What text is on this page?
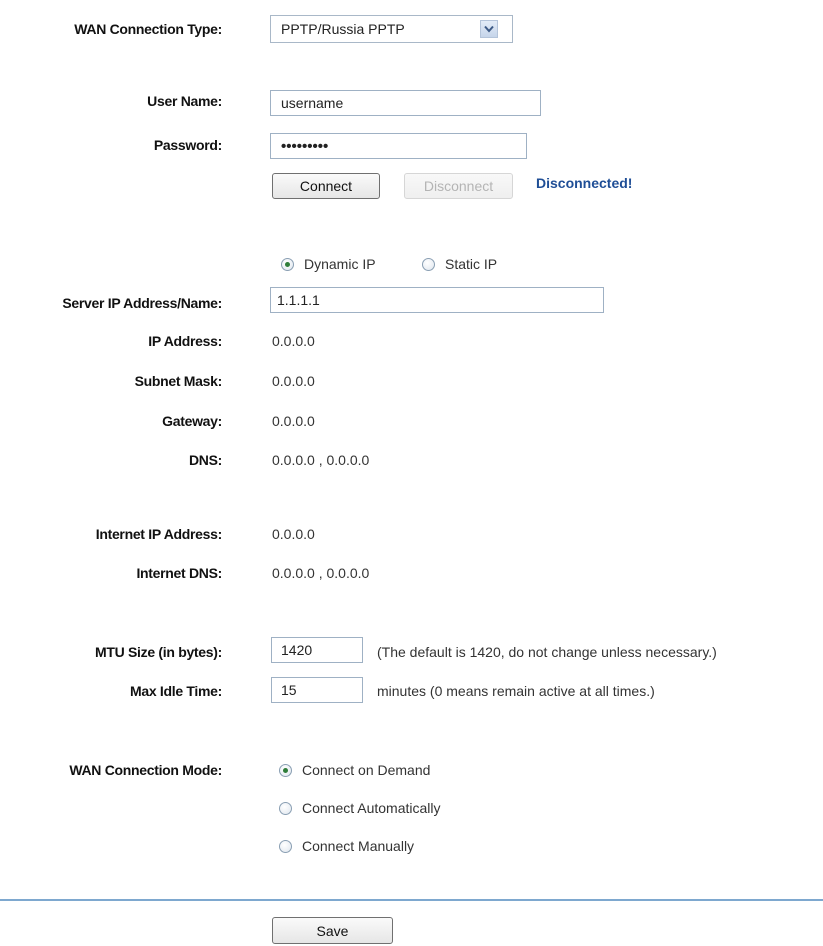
WAN Connection Type:	PPTP/Russia PPTP
User Name:
username
Password:	•••••••••
Connect	Disconnect	Disconnected!
Dynamic IP	Static IP
Server IP Address/Name:
1.1.1.1
IP Address:	0.0.0.0
Subnet Mask:	0.0.0.0
Gateway:	0.0.0.0
DNS:	0.0.0.0 , 0.0.0.0
Internet IP Address:	0.0.0.0
Internet DNS:	0.0.0.0 , 0.0.0.0
MTU Size (in bytes):
1420	(The default is 1420, do not change unless necessary.)
Max Idle Time:
15	minutes (0 means remain active at all times.)
WAN Connection Mode:	Connect on Demand
Connect Automatically
Connect Manually
Save
